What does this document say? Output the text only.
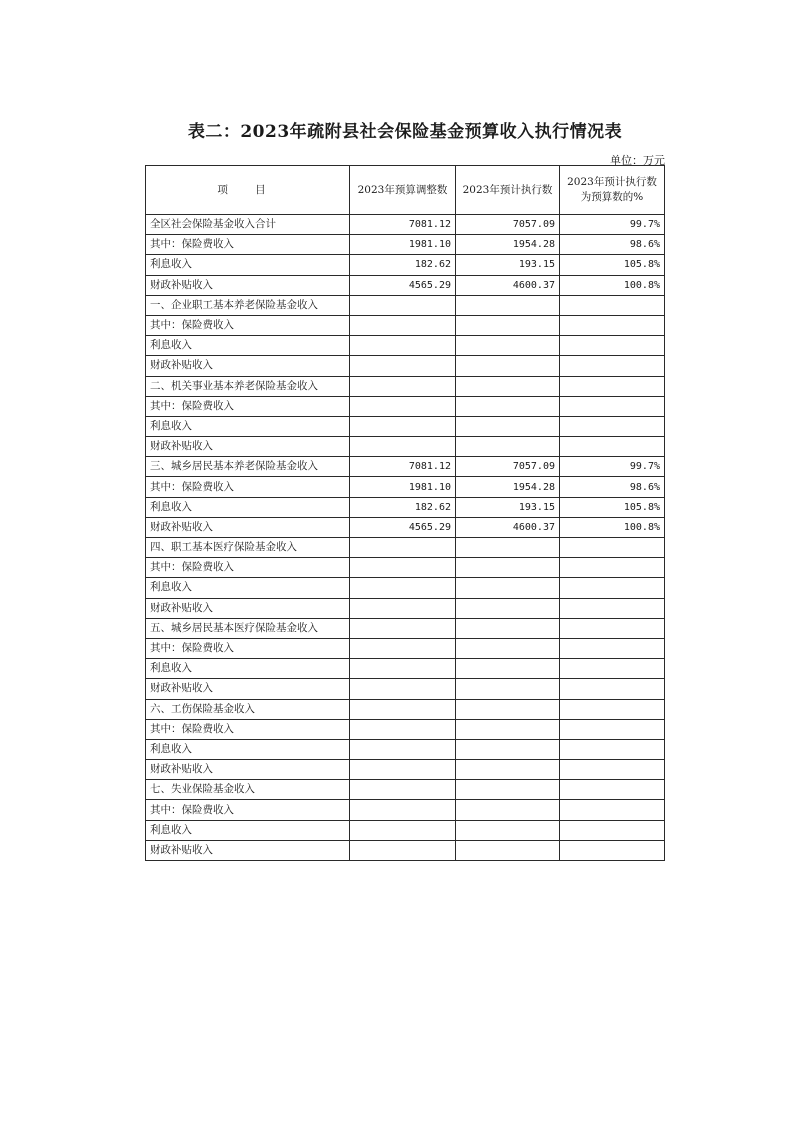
表二：2023年疏附县社会保险基金预算收入执行情况表
单位：万元
项 目	2023年预算调整数	2023年预计执行数	2023年预计执行数为预算数的%
全区社会保险基金收入合计	7081.12	7057.09	99.7%
其中：保险费收入	1981.10	1954.28	98.6%
利息收入	182.62	193.15	105.8%
财政补贴收入	4565.29	4600.37	100.8%
一、企业职工基本养老保险基金收入			
其中：保险费收入			
利息收入			
财政补贴收入			
二、机关事业基本养老保险基金收入			
其中：保险费收入			
利息收入			
财政补贴收入			
三、城乡居民基本养老保险基金收入	7081.12	7057.09	99.7%
其中：保险费收入	1981.10	1954.28	98.6%
利息收入	182.62	193.15	105.8%
财政补贴收入	4565.29	4600.37	100.8%
四、职工基本医疗保险基金收入			
其中：保险费收入			
利息收入			
财政补贴收入			
五、城乡居民基本医疗保险基金收入			
其中：保险费收入			
利息收入			
财政补贴收入			
六、工伤保险基金收入			
其中：保险费收入			
利息收入			
财政补贴收入			
七、失业保险基金收入			
其中：保险费收入			
利息收入			
财政补贴收入			
